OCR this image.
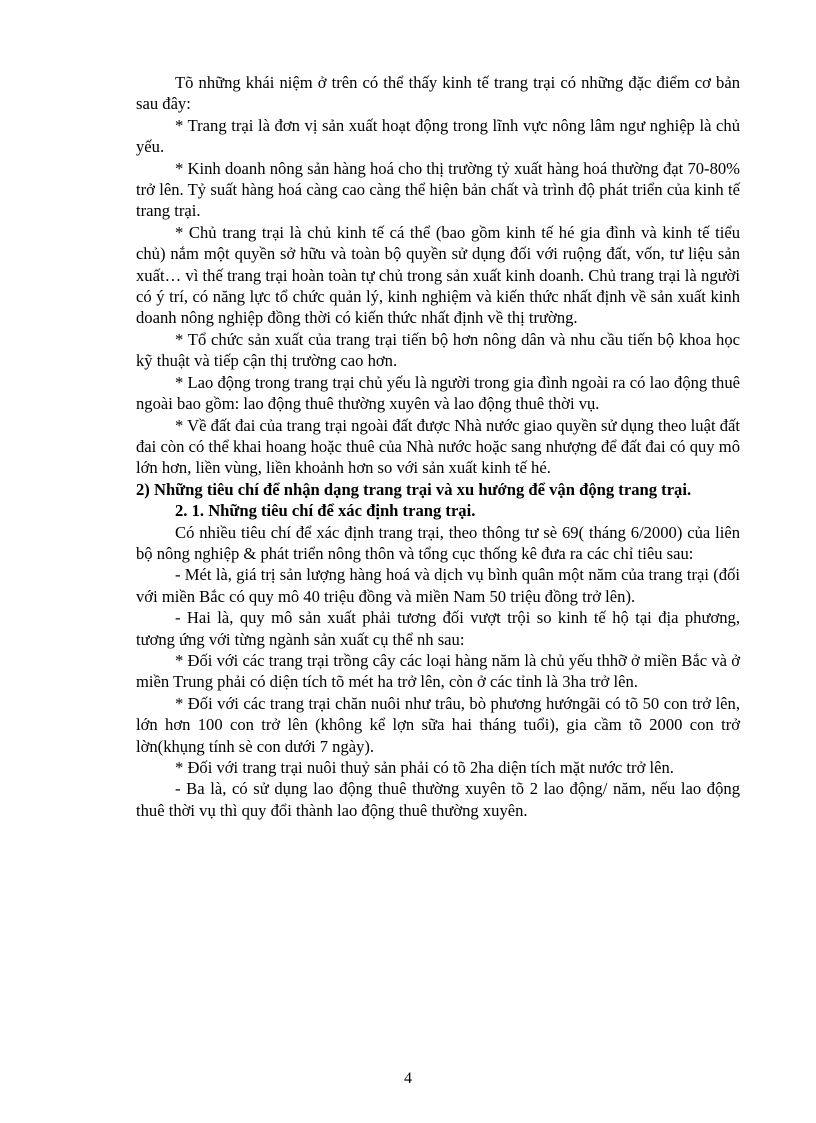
Tõ những khái niệm ở trên có thể thấy kinh tế trang trại có những đặc điểm cơ bản sau đây:

* Trang trại là đơn vị sản xuất hoạt động trong lĩnh vực nông lâm ngư nghiệp là chủ yếu.

* Kinh doanh nông sản hàng hoá cho thị trường tỷ xuất hàng hoá thường đạt 70-80% trở lên. Tỷ suất hàng hoá càng cao càng thể hiện bản chất và trình độ phát triển của kinh tế trang trại.

* Chủ trang trại là chủ kinh tế cá thể (bao gồm kinh tế hé gia đình và kinh tế tiểu chủ) nắm một quyền sở hữu và toàn bộ quyền sử dụng đối với ruộng đất, vốn, tư liệu sản xuất… vì thế trang trại hoàn toàn tự chủ trong sản xuất kinh doanh. Chủ trang trại là người có ý trí, có năng lực tổ chức quản lý, kinh nghiệm và kiến thức nhất định về sản xuất kinh doanh nông nghiệp đồng thời có kiến thức nhất định về thị trường.

* Tổ chức sản xuất của trang trại tiến bộ hơn nông dân và nhu cầu tiến bộ khoa học kỹ thuật và tiếp cận thị trường cao hơn.

* Lao động trong trang trại chủ yếu là người trong gia đình ngoài ra có lao động thuê ngoài bao gồm: lao động thuê thường xuyên và lao động thuê thời vụ.

* Về đất đai của trang trại ngoài đất được Nhà nước giao quyền sử dụng theo luật đất đai còn có thể khai hoang hoặc thuê của Nhà nước hoặc sang nhượng để đất đai có quy mô lớn hơn, liền vùng, liền khoảnh hơn so với sản xuất kinh tế hé.

2) Những tiêu chí để nhận dạng trang trại và xu hướng để vận động trang trại.

2. 1. Những tiêu chí để xác định trang trại.

Có nhiều tiêu chí để xác định trang trại, theo thông tư sè 69( tháng 6/2000) của liên bộ nông nghiệp & phát triển nông thôn và tổng cục thống kê đưa ra các chỉ tiêu sau:

- Mét là, giá trị sản lượng hàng hoá và dịch vụ bình quân một năm của trang trại (đối với miền Bắc có quy mô 40 triệu đồng và miền Nam 50 triệu đồng trở lên).

- Hai là, quy mô sản xuất phải tương đối vượt trội so kinh tế hộ tại địa phương, tương ứng với từng ngành sản xuất cụ thể nh sau:

* Đối với các trang trại trồng cây các loại hàng năm là chủ yếu thhỡ ở miền Bắc và ở miền Trung phải có diện tích tõ mét ha trở lên, còn ở các tỉnh là 3ha trở lên.

* Đối với các trang trại chăn nuôi như trâu, bò phương hướngãi có tõ 50 con trở lên, lớn hơn 100 con trở lên (không kể lợn sữa hai tháng tuổi), gia cầm tõ 2000 con trở lờn(khụng tính sè con dưới 7 ngày).

* Đối với trang trại nuôi thuỷ sản phải có tõ 2ha diện tích mặt nước trở lên.

- Ba là, có sử dụng lao động thuê thường xuyên tõ 2 lao động/ năm, nếu lao động thuê thời vụ thì quy đổi thành lao động thuê thường xuyên.

4
